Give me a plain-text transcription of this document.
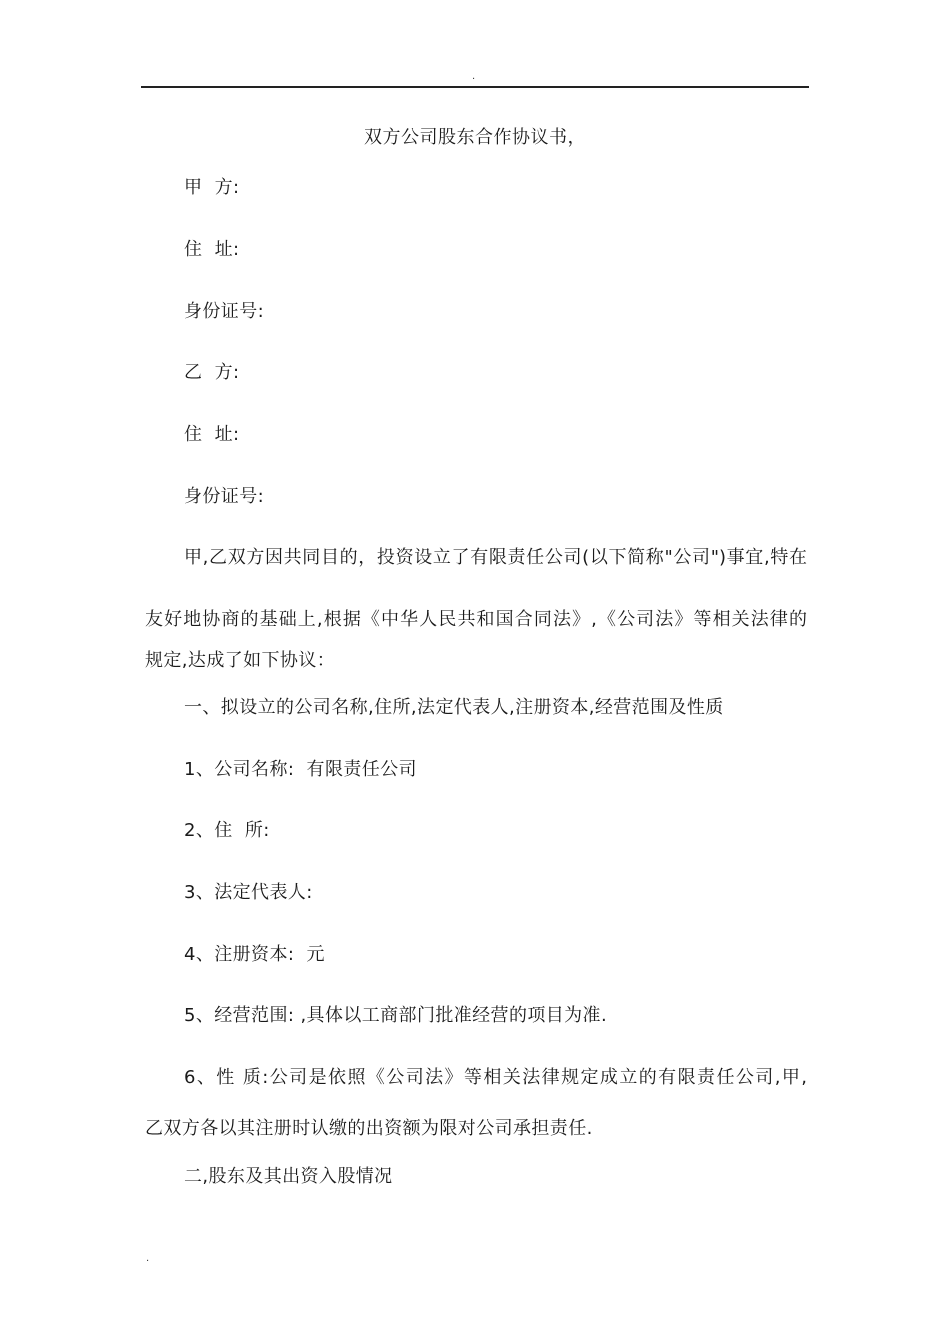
.
双方公司股东合作协议书，
甲  方:
住  址:
身份证号:
乙  方:
住  址:
身份证号:
甲,乙双方因共同目的，投资设立了有限责任公司(以下简称"公司")事宜,特在
友好地协商的基础上,根据《中华人民共和国合同法》,《公司法》等相关法律的
规定,达成了如下协议：
一、拟设立的公司名称,住所,法定代表人,注册资本,经营范围及性质
1、公司名称:  有限责任公司
2、住  所:
3、法定代表人:
4、注册资本:  元
5、经营范围: ,具体以工商部门批准经营的项目为准.
6、性 质:公司是依照《公司法》等相关法律规定成立的有限责任公司,甲,
乙双方各以其注册时认缴的出资额为限对公司承担责任.
二,股东及其出资入股情况
.
